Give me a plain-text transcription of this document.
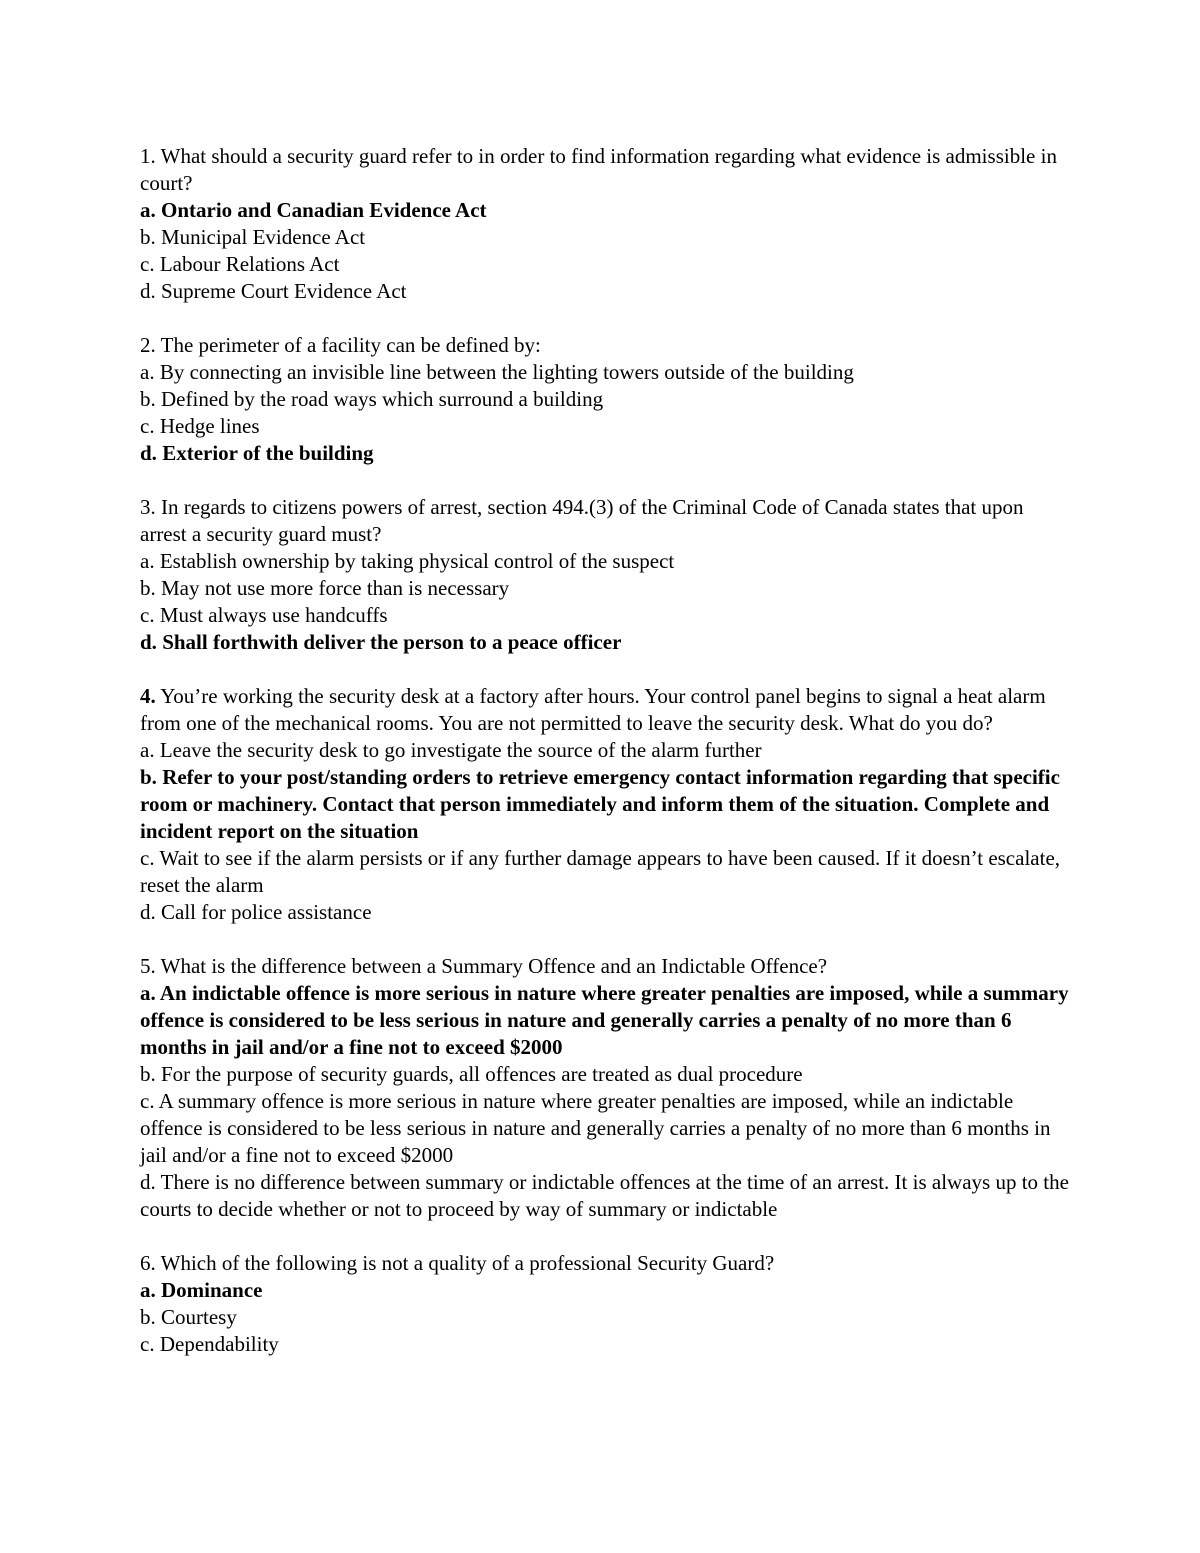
1. What should a security guard refer to in order to find information regarding what evidence is admissible in court?

a. Ontario and Canadian Evidence Act

b. Municipal Evidence Act

c. Labour Relations Act

d. Supreme Court Evidence Act

2. The perimeter of a facility can be defined by:

a. By connecting an invisible line between the lighting towers outside of the building

b. Defined by the road ways which surround a building

c. Hedge lines

d. Exterior of the building

3. In regards to citizens powers of arrest, section 494.(3) of the Criminal Code of Canada states that upon arrest a security guard must?

a. Establish ownership by taking physical control of the suspect

b. May not use more force than is necessary

c. Must always use handcuffs

d. Shall forthwith deliver the person to a peace officer

4. You’re working the security desk at a factory after hours. Your control panel begins to signal a heat alarm from one of the mechanical rooms. You are not permitted to leave the security desk. What do you do?

a. Leave the security desk to go investigate the source of the alarm further

b. Refer to your post/standing orders to retrieve emergency contact information regarding that specific room or machinery. Contact that person immediately and inform them of the situation. Complete and incident report on the situation

c. Wait to see if the alarm persists or if any further damage appears to have been caused. If it doesn’t escalate, reset the alarm

d. Call for police assistance

5. What is the difference between a Summary Offence and an Indictable Offence?

a. An indictable offence is more serious in nature where greater penalties are imposed, while a summary offence is considered to be less serious in nature and generally carries a penalty of no more than 6 months in jail and/or a fine not to exceed $2000

b. For the purpose of security guards, all offences are treated as dual procedure

c. A summary offence is more serious in nature where greater penalties are imposed, while an indictable offence is considered to be less serious in nature and generally carries a penalty of no more than 6 months in jail and/or a fine not to exceed $2000

d. There is no difference between summary or indictable offences at the time of an arrest. It is always up to the courts to decide whether or not to proceed by way of summary or indictable

6. Which of the following is not a quality of a professional Security Guard?

a. Dominance

b. Courtesy

c. Dependability
